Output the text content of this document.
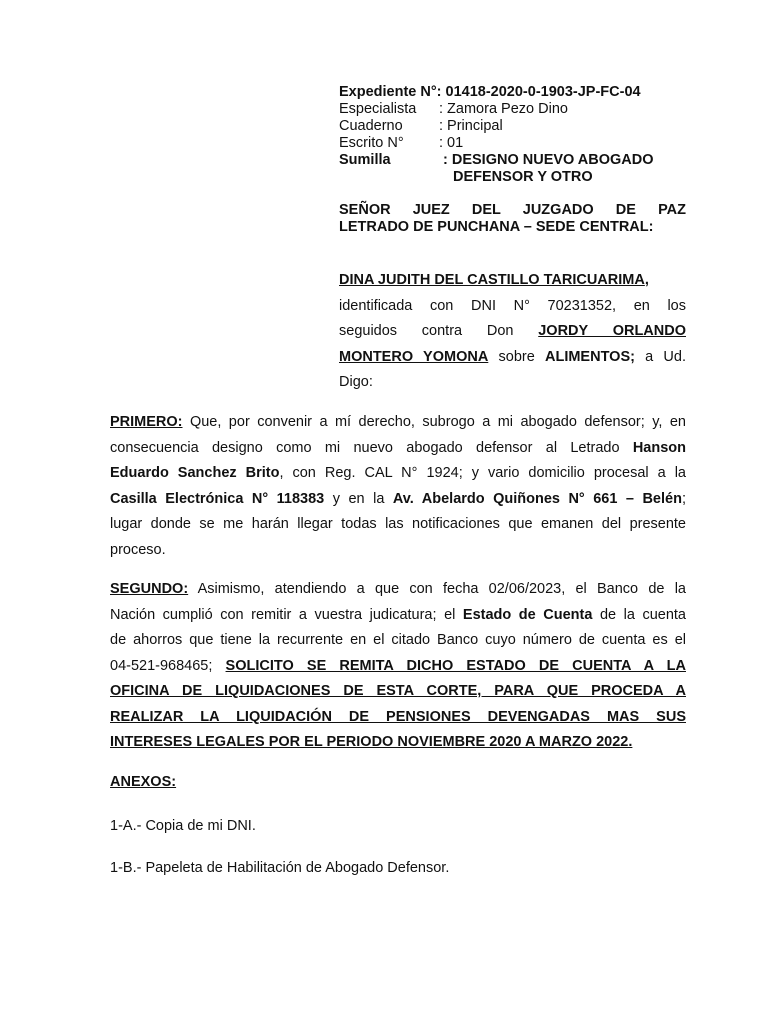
Expediente N°:
01418-2020-0-1903-JP-FC-04
Especialista	: Zamora Pezo Dino
Cuaderno	: Principal
Escrito N°	: 01
Sumilla	: DESIGNO NUEVO ABOGADO
DEFENSOR Y OTRO
SEÑOR JUEZ DEL JUZGADO DE PAZ
LETRADO DE PUNCHANA – SEDE CENTRAL:
DINA JUDITH DEL CASTILLO TARICUARIMA,
identificada con DNI N° 70231352, en los
seguidos contra Don JORDY ORLANDO
MONTERO YOMONA sobre ALIMENTOS; a Ud.
Digo:
PRIMERO: Que, por convenir a mí derecho, subrogo a mi abogado defensor; y, en
consecuencia designo como mi nuevo abogado defensor al Letrado Hanson
Eduardo Sanchez Brito, con Reg. CAL N° 1924; y vario domicilio procesal a la
Casilla Electrónica N° 118383 y en la Av. Abelardo Quiñones N° 661 – Belén;
lugar donde se me harán llegar todas las notificaciones que emanen del presente
proceso.
SEGUNDO: Asimismo, atendiendo a que con fecha 02/06/2023, el Banco de la
Nación cumplió con remitir a vuestra judicatura; el Estado de Cuenta de la cuenta
de ahorros que tiene la recurrente en el citado Banco cuyo número de cuenta es el
04-521-968465; SOLICITO SE REMITA DICHO ESTADO DE CUENTA A LA
OFICINA DE LIQUIDACIONES DE ESTA CORTE, PARA QUE PROCEDA A
REALIZAR LA LIQUIDACIÓN DE PENSIONES DEVENGADAS MAS SUS
INTERESES LEGALES POR EL PERIODO NOVIEMBRE 2020 A MARZO 2022.
ANEXOS:
1-A.- Copia de mi DNI.
1-B.- Papeleta de Habilitación de Abogado Defensor.
